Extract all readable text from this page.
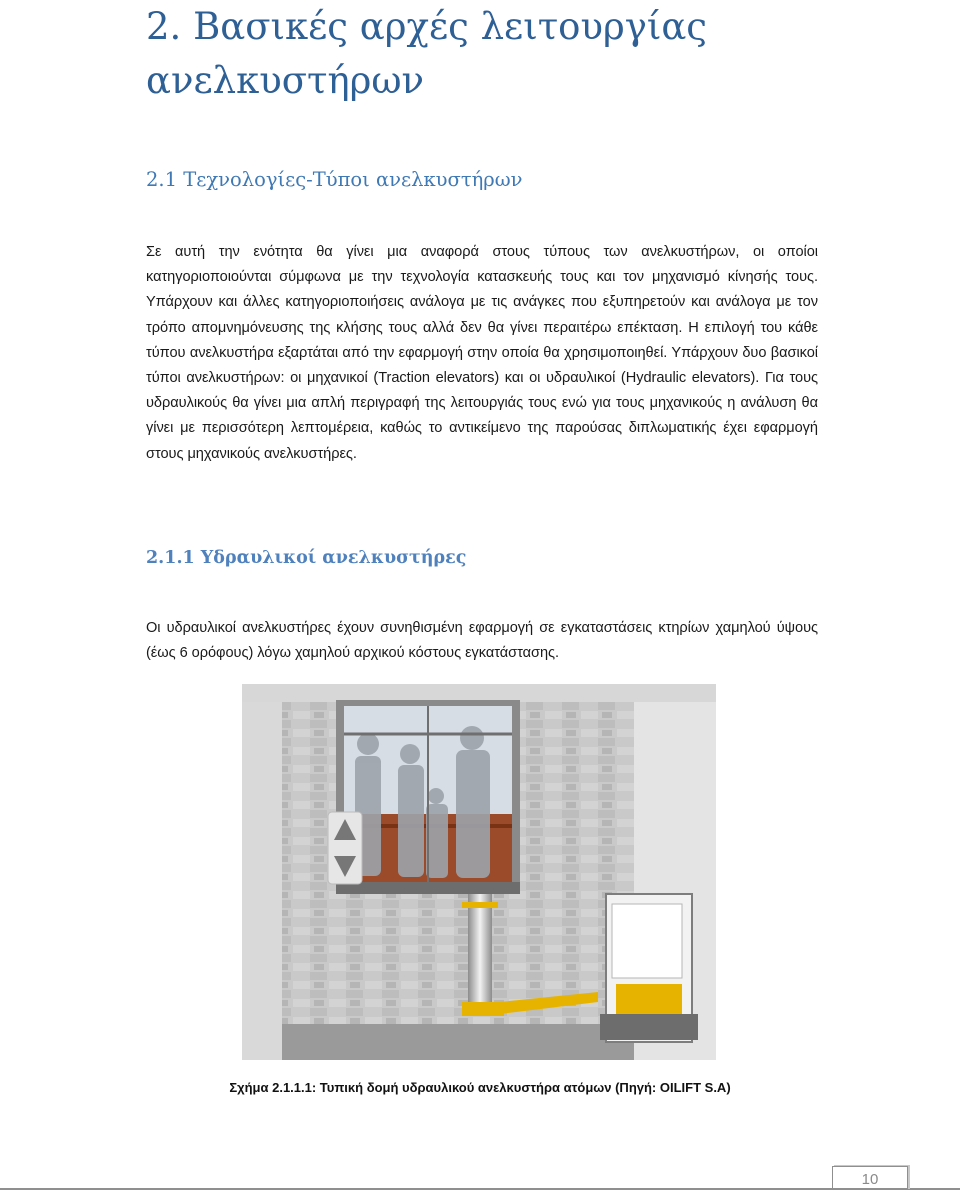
2. Βασικές αρχές λειτουργίας ανελκυστήρων
2.1 Τεχνολογίες-Τύποι ανελκυστήρων

Σε αυτή την ενότητα θα γίνει μια αναφορά στους τύπους των ανελκυστήρων, οι οποίοι κατηγοριοποιούνται σύμφωνα με την τεχνολογία κατασκευής τους και τον μηχανισμό κίνησής τους. Υπάρχουν και άλλες κατηγοριοποιήσεις ανάλογα με τις ανάγκες που εξυπηρετούν και ανάλογα με τον τρόπο απομνημόνευσης της κλήσης τους αλλά δεν θα γίνει περαιτέρω επέκταση. Η επιλογή του κάθε τύπου ανελκυστήρα εξαρτάται από την εφαρμογή στην οποία θα χρησιμοποιηθεί. Υπάρχουν δυο βασικοί τύποι ανελκυστήρων: οι μηχανικοί (Traction elevators) και οι υδραυλικοί (Hydraulic elevators). Για τους υδραυλικούς θα γίνει μια απλή περιγραφή της λειτουργιάς τους ενώ για τους μηχανικούς η ανάλυση θα γίνει με περισσότερη λεπτομέρεια, καθώς το αντικείμενο της παρούσας διπλωματικής έχει εφαρμογή στους μηχανικούς ανελκυστήρες.

2.1.1 Υδραυλικοί ανελκυστήρες

Οι υδραυλικοί ανελκυστήρες έχουν συνηθισμένη εφαρμογή σε εγκαταστάσεις κτηρίων χαμηλού ύψους (έως 6 ορόφους) λόγω χαμηλού αρχικού κόστους εγκατάστασης.

Σχήμα 2.1.1.1: Τυπική δομή υδραυλικού ανελκυστήρα ατόμων (Πηγή: OILIFT S.A)
10
